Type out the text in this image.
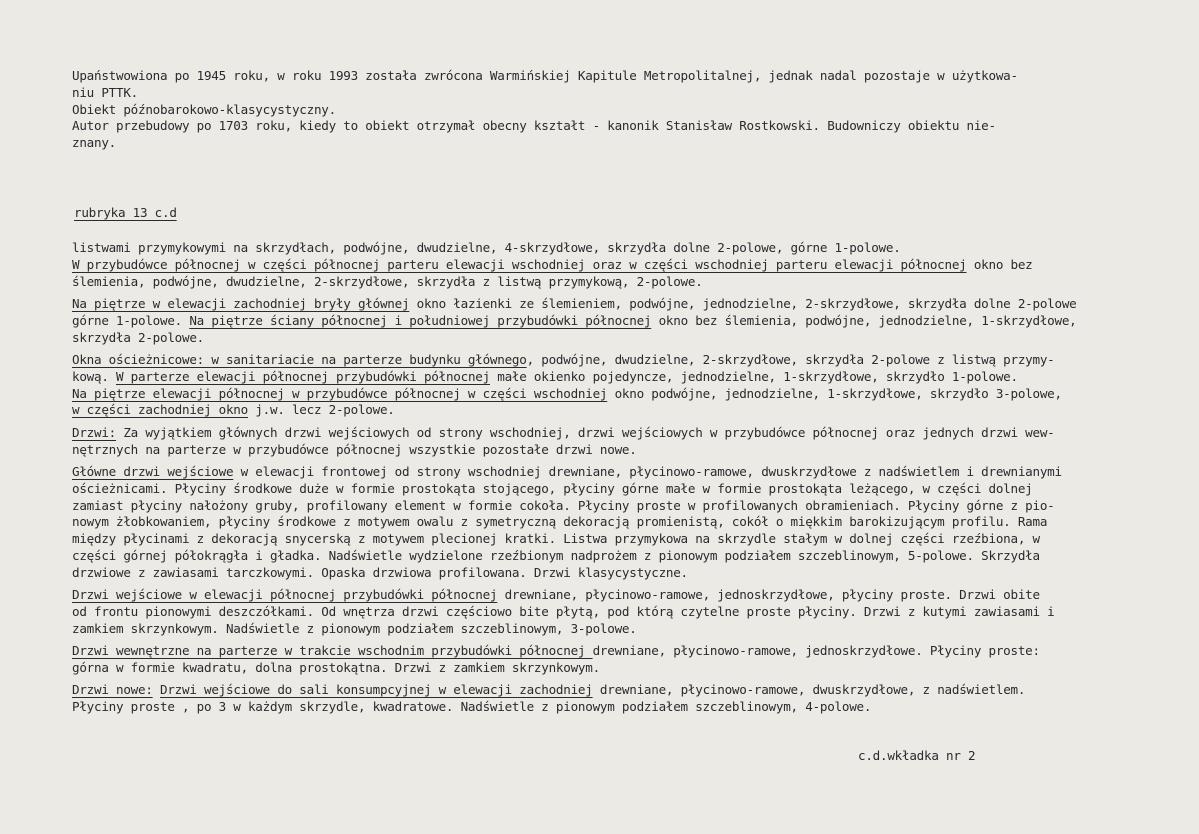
Upaństwowiona po 1945 roku, w roku 1993 została zwrócona Warmińskiej Kapitule Metropolitalnej, jednak nadal pozostaje w użytkowa-
niu PTTK.
Obiekt późnobarokowo-klasycystyczny.
Autor przebudowy po 1703 roku, kiedy to obiekt otrzymał obecny kształt - kanonik Stanisław Rostkowski. Budowniczy obiektu nie-
znany.
rubryka 13 c.d
listwami przymykowymi na skrzydłach, podwójne, dwudzielne, 4-skrzydłowe, skrzydła dolne 2-polowe, górne 1-polowe.
W przybudówce północnej w części północnej parteru elewacji wschodniej oraz w części wschodniej parteru elewacji północnej okno bez
ślemienia, podwójne, dwudzielne, 2-skrzydłowe, skrzydła z listwą przymykową, 2-polowe.
Na piętrze w elewacji zachodniej bryły głównej okno łazienki ze ślemieniem, podwójne, jednodzielne, 2-skrzydłowe, skrzydła dolne 2-polowe
górne 1-polowe. Na piętrze ściany północnej i południowej przybudówki północnej okno bez ślemienia, podwójne, jednodzielne, 1-skrzydłowe,
skrzydła 2-polowe.
Okna ościeżnicowe: w sanitariacie na parterze budynku głównego, podwójne, dwudzielne, 2-skrzydłowe, skrzydła 2-polowe z listwą przymy-
kową. W parterze elewacji północnej przybudówki północnej małe okienko pojedyncze, jednodzielne, 1-skrzydłowe, skrzydło 1-polowe.
Na piętrze elewacji północnej w przybudówce północnej w części wschodniej okno podwójne, jednodzielne, 1-skrzydłowe, skrzydło 3-polowe,
w części zachodniej okno j.w. lecz 2-polowe.
Drzwi: Za wyjątkiem głównych drzwi wejściowych od strony wschodniej, drzwi wejściowych w przybudówce północnej oraz jednych drzwi wew-
nętrznych na parterze w przybudówce północnej wszystkie pozostałe drzwi nowe.
Główne drzwi wejściowe w elewacji frontowej od strony wschodniej drewniane, płycinowo-ramowe, dwuskrzydłowe z nadświetlem i drewnianymi
ościeżnicami. Płyciny środkowe duże w formie prostokąta stojącego, płyciny górne małe w formie prostokąta leżącego, w części dolnej
zamiast płyciny nałożony gruby, profilowany element w formie cokoła. Płyciny proste w profilowanych obramieniach. Płyciny górne z pio-
nowym żłobkowaniem, płyciny środkowe z motywem owalu z symetryczną dekoracją promienistą, cokół o miękkim barokizującym profilu. Rama
między płycinami z dekoracją snycerską z motywem plecionej kratki. Listwa przymykowa na skrzydle stałym w dolnej części rzeźbiona, w
części górnej półokrągła i gładka. Nadświetle wydzielone rzeźbionym nadprożem z pionowym podziałem szczeblinowym, 5-polowe. Skrzydła
drzwiowe z zawiasami tarczkowymi. Opaska drzwiowa profilowana. Drzwi klasycystyczne.
Drzwi wejściowe w elewacji północnej przybudówki północnej drewniane, płycinowo-ramowe, jednoskrzydłowe, płyciny proste. Drzwi obite
od frontu pionowymi deszczółkami. Od wnętrza drzwi częściowo bite płytą, pod którą czytelne proste płyciny. Drzwi z kutymi zawiasami i
zamkiem skrzynkowym. Nadświetle z pionowym podziałem szczeblinowym, 3-polowe.
Drzwi wewnętrzne na parterze w trakcie wschodnim przybudówki północnej drewniane, płycinowo-ramowe, jednoskrzydłowe. Płyciny proste:
górna w formie kwadratu, dolna prostokątna. Drzwi z zamkiem skrzynkowym.
Drzwi nowe: Drzwi wejściowe do sali konsumpcyjnej w elewacji zachodniej drewniane, płycinowo-ramowe, dwuskrzydłowe, z nadświetlem.
Płyciny proste , po 3 w każdym skrzydle, kwadratowe. Nadświetle z pionowym podziałem szczeblinowym, 4-polowe.
c.d.wkładka nr 2
